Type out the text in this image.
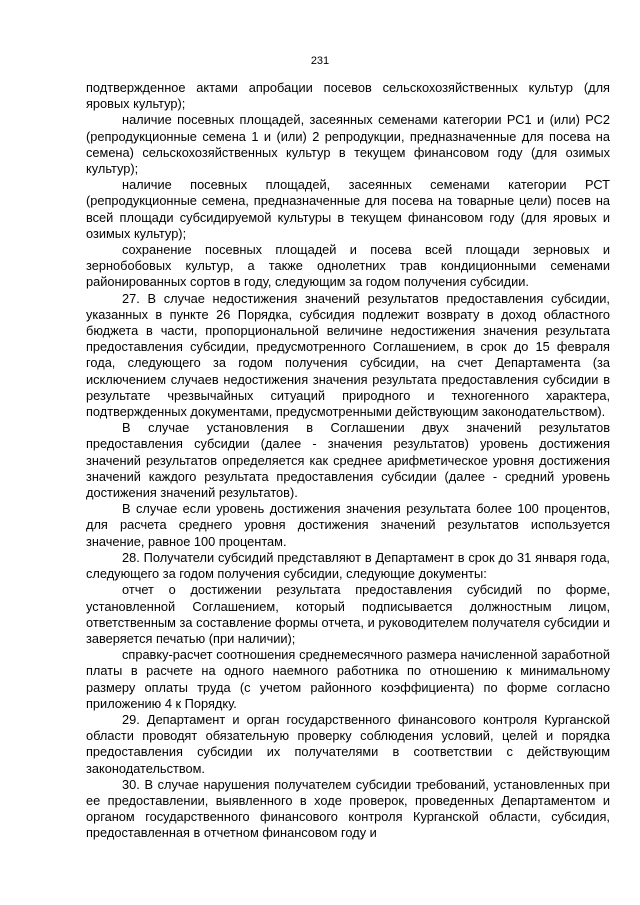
231

подтвержденное актами апробации посевов сельскохозяйственных культур (для яровых культур);

наличие посевных площадей, засеянных семенами категории РС1 и (или) РС2 (репродукционные семена 1 и (или) 2 репродукции, предназначенные для посева на семена) сельскохозяйственных культур в текущем финансовом году (для озимых культур);

наличие посевных площадей, засеянных семенами категории РСТ (репродукционные семена, предназначенные для посева на товарные цели) посев на всей площади субсидируемой культуры в текущем финансовом году (для яровых и озимых культур);

сохранение посевных площадей и посева всей площади зерновых и зернобобовых культур, а также однолетних трав кондиционными семенами районированных сортов в году, следующим за годом получения субсидии.

27. В случае недостижения значений результатов предоставления субсидии, указанных в пункте 26 Порядка, субсидия подлежит возврату в доход областного бюджета в части, пропорциональной величине недостижения значения результата предоставления субсидии, предусмотренного Соглашением, в срок до 15 февраля года, следующего за годом получения субсидии, на счет Департамента (за исключением случаев недостижения значения результата предоставления субсидии в результате чрезвычайных ситуаций природного и техногенного характера, подтвержденных документами, предусмотренными действующим законодательством).

В случае установления в Соглашении двух значений результатов предоставления субсидии (далее - значения результатов) уровень достижения значений результатов определяется как среднее арифметическое уровня достижения значений каждого результата предоставления субсидии (далее - средний уровень достижения значений результатов).

В случае если уровень достижения значения результата более 100 процентов, для расчета среднего уровня достижения значений результатов используется значение, равное 100 процентам.

28. Получатели субсидий представляют в Департамент в срок до 31 января года, следующего за годом получения субсидии, следующие документы:

отчет о достижении результата предоставления субсидий по форме, установленной Соглашением, который подписывается должностным лицом, ответственным за составление формы отчета, и руководителем получателя субсидии и заверяется печатью (при наличии);

справку-расчет соотношения среднемесячного размера начисленной заработной платы в расчете на одного наемного работника по отношению к минимальному размеру оплаты труда (с учетом районного коэффициента) по форме согласно приложению 4 к Порядку.

29. Департамент и орган государственного финансового контроля Курганской области проводят обязательную проверку соблюдения условий, целей и порядка предоставления субсидии их получателями в соответствии с действующим законодательством.

30. В случае нарушения получателем субсидии требований, установленных при ее предоставлении, выявленного в ходе проверок, проведенных Департаментом и органом государственного финансового контроля Курганской области, субсидия, предоставленная в отчетном финансовом году и
